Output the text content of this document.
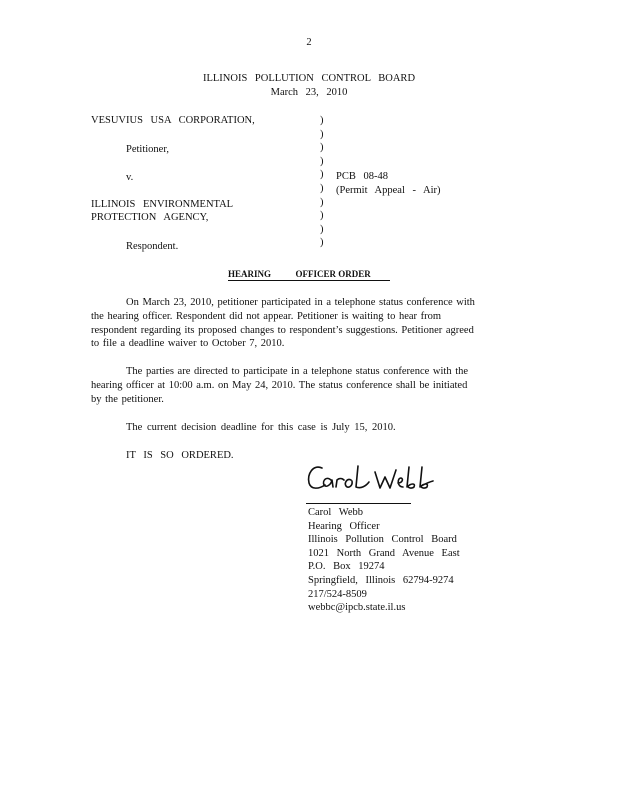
2
ILLINOIS POLLUTION CONTROL BOARD
March 23, 2010
VESUVIUS USA CORPORATION,
Petitioner,
v.
ILLINOIS ENVIRONMENTAL
PROTECTION AGENCY,
Respondent.
)
)
)
)
)
)
)
)
)
)
PCB 08-48
(Permit Appeal - Air)
HEARING	OFFICER ORDER
On March 23, 2010, petitioner participated in a telephone status conference with
the hearing officer. Respondent did not appear. Petitioner is waiting to hear from
respondent regarding its proposed changes to respondent’s suggestions. Petitioner agreed
to file a deadline waiver to October 7, 2010.
The parties are directed to participate in a telephone status conference with the
hearing officer at 10:00 a.m. on May 24, 2010. The status conference shall be initiated
by the petitioner.
The current decision deadline for this case is July 15, 2010.
IT IS SO ORDERED.
Carol Webb
Hearing Officer
Illinois Pollution Control Board
1021 North Grand Avenue East
P.O. Box 19274
Springfield, Illinois 62794-9274
217/524-8509
webbc@ipcb.state.il.us
